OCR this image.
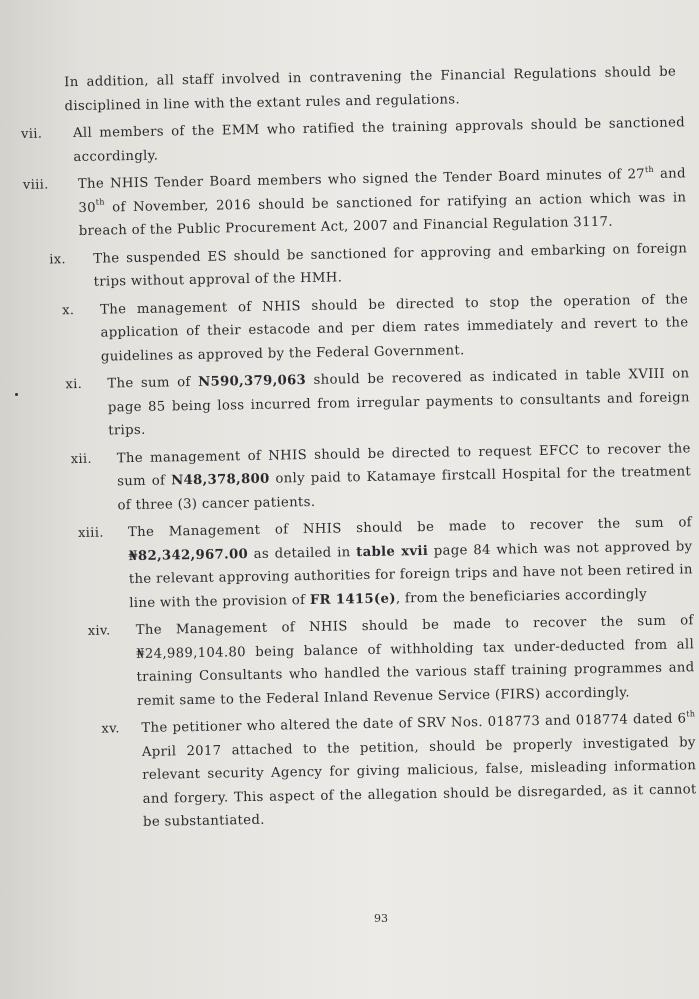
In addition, all staff involved in contravening the Financial Regulations should be disciplined in line with the extant rules and regulations.

vii. All members of the EMM who ratified the training approvals should be sanctioned accordingly.
viii. The NHIS Tender Board members who signed the Tender Board minutes of 27th and 30th of November, 2016 should be sanctioned for ratifying an action which was in breach of the Public Procurement Act, 2007 and Financial Regulation 3117.
ix. The suspended ES should be sanctioned for approving and embarking on foreign trips without approval of the HMH.
x. The management of NHIS should be directed to stop the operation of the application of their estacode and per diem rates immediately and revert to the guidelines as approved by the Federal Government.
xi. The sum of N590,379,063 should be recovered as indicated in table XVIII on page 85 being loss incurred from irregular payments to consultants and foreign trips.
xii. The management of NHIS should be directed to request EFCC to recover the sum of N48,378,800 only paid to Katamaye firstcall Hospital for the treatment of three (3) cancer patients.
xiii. The Management of NHIS should be made to recover the sum of ₦82,342,967.00 as detailed in table xvii page 84 which was not approved by the relevant approving authorities for foreign trips and have not been retired in line with the provision of FR 1415(e), from the beneficiaries accordingly
xiv. The Management of NHIS should be made to recover the sum of ₦24,989,104.80 being balance of withholding tax under-deducted from all training Consultants who handled the various staff training programmes and remit same to the Federal Inland Revenue Service (FIRS) accordingly.
xv. The petitioner who altered the date of SRV Nos. 018773 and 018774 dated 6th April 2017 attached to the petition, should be properly investigated by relevant security Agency for giving malicious, false, misleading information and forgery. This aspect of the allegation should be disregarded, as it cannot be substantiated.
93
